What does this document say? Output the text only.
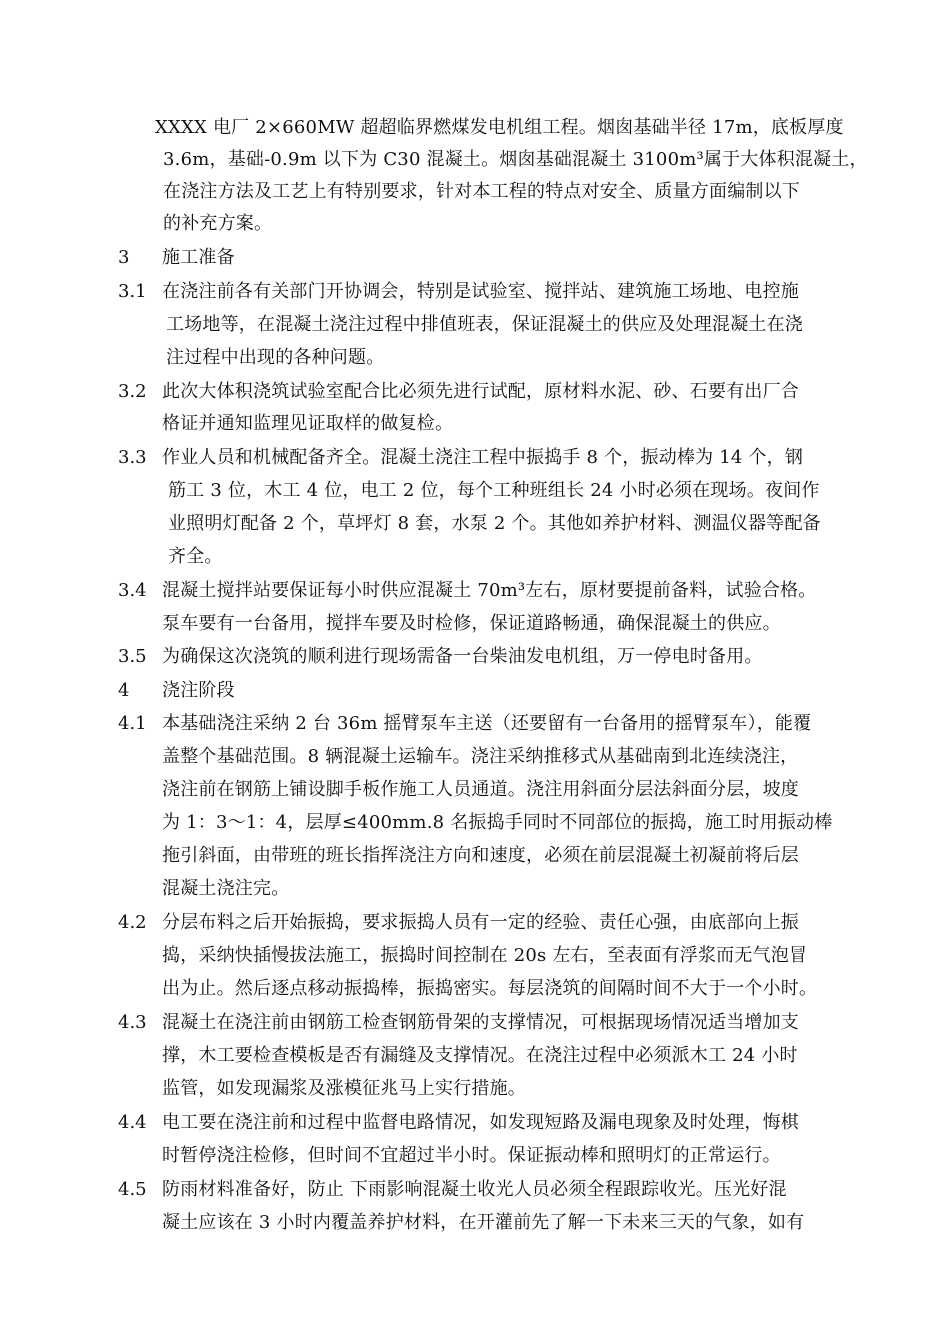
XXXX 电厂 2×660MW 超超临界燃煤发电机组工程。烟囱基础半径 17m，底板厚度
3.6m，基础-0.9m 以下为 C30 混凝土。烟囱基础混凝土 3100m³属于大体积混凝土，
在浇注方法及工艺上有特别要求，针对本工程的特点对安全、质量方面编制以下
的补充方案。
3 施工准备
3.1 在浇注前各有关部门开协调会，特别是试验室、搅拌站、建筑施工场地、电控施
工场地等，在混凝土浇注过程中排值班表，保证混凝土的供应及处理混凝土在浇
注过程中出现的各种问题。
3.2 此次大体积浇筑试验室配合比必须先进行试配，原材料水泥、砂、石要有出厂合
格证并通知监理见证取样的做复检。
3.3 作业人员和机械配备齐全。混凝土浇注工程中振捣手 8 个，振动棒为 14 个，钢
筋工 3 位，木工 4 位，电工 2 位，每个工种班组长 24 小时必须在现场。夜间作
业照明灯配备 2 个，草坪灯 8 套，水泵 2 个。其他如养护材料、测温仪器等配备
齐全。
3.4 混凝土搅拌站要保证每小时供应混凝土 70m³左右，原材要提前备料，试验合格。
泵车要有一台备用，搅拌车要及时检修，保证道路畅通，确保混凝土的供应。
3.5 为确保这次浇筑的顺利进行现场需备一台柴油发电机组，万一停电时备用。
4 浇注阶段
4.1 本基础浇注采纳 2 台 36m 摇臂泵车主送（还要留有一台备用的摇臂泵车），能覆
盖整个基础范围。8 辆混凝土运输车。浇注采纳推移式从基础南到北连续浇注，
浇注前在钢筋上铺设脚手板作施工人员通道。浇注用斜面分层法斜面分层，坡度
为 1：3～1：4，层厚≤400mm.8 名振捣手同时不同部位的振捣，施工时用振动棒
拖引斜面，由带班的班长指挥浇注方向和速度，必须在前层混凝土初凝前将后层
混凝土浇注完。
4.2 分层布料之后开始振捣，要求振捣人员有一定的经验、责任心强，由底部向上振
捣，采纳快插慢拔法施工，振捣时间控制在 20s 左右，至表面有浮浆而无气泡冒
出为止。然后逐点移动振捣棒，振捣密实。每层浇筑的间隔时间不大于一个小时。
4.3 混凝土在浇注前由钢筋工检查钢筋骨架的支撑情况，可根据现场情况适当增加支
撑，木工要检查模板是否有漏缝及支撑情况。在浇注过程中必须派木工 24 小时
监管，如发现漏浆及涨模征兆马上实行措施。
4.4 电工要在浇注前和过程中监督电路情况，如发现短路及漏电现象及时处理，悔棋
时暂停浇注检修，但时间不宜超过半小时。保证振动棒和照明灯的正常运行。
4.5 防雨材料准备好，防止 下雨影响混凝土收光人员必须全程跟踪收光。压光好混
凝土应该在 3 小时内覆盖养护材料，在开灌前先了解一下未来三天的气象，如有
